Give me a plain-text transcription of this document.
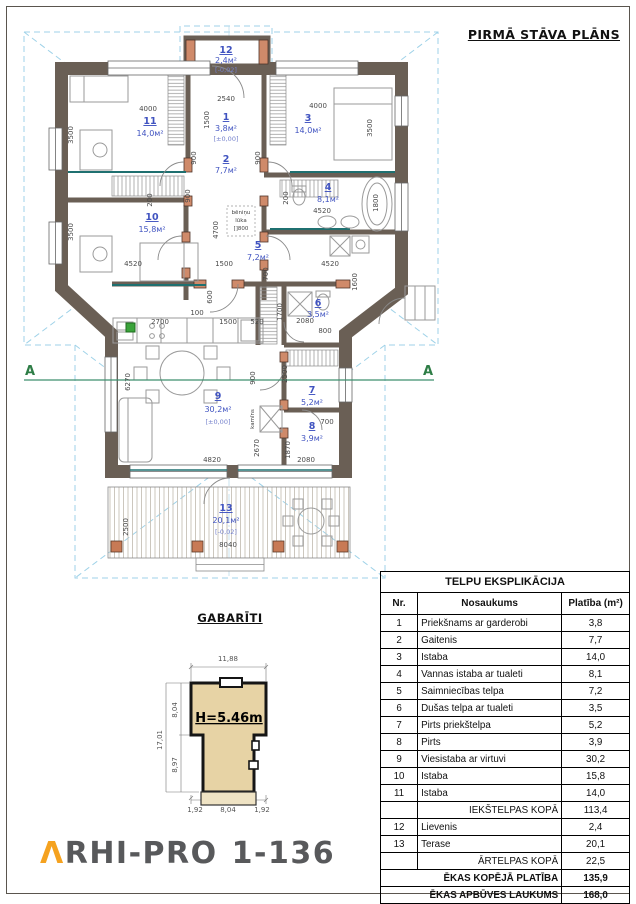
PIRMĀ STĀVA PLĀNS
A	A
bēniņu
lūka
[]800
kamīns
12
2,4м²
[-0,02]
1
3,8м²
[±0,00]
2
7,7м²
11
14,0м²
3
14,0м²
10
15,8м²
4
8,1м²
5
7,2м²
6
3,5м²
7
5,2м²
8
3,9м²
9
30,2м²
[±0,00]
13
20,1м²
[-0,02]
4000
2540
4000
1500
3500
3500
3500
900	900
200	200
900
4520	1800
4520	4520
4700
1500
1600
700
600
100
2700	1500 520
1700
2080
800
2500
900
6270
2670	1870
4820
700
2080
2500
8040
GABARĪTI
H=5.46m
11,88
17,01
8,04
8,97
1,92 8,04	1,92
TELPU EKSPLIKĀCIJA		
Nr.	Nosaukums	Platība (m²)
1	Priekšnams ar garderobi	3,8
2	Gaitenis	7,7
3	Istaba	14,0
4	Vannas istaba ar tualeti	8,1
5	Saimniecības telpa	7,2
6	Dušas telpa ar tualeti	3,5
7	Pirts priekštelpa	5,2
8	Pirts	3,9
9	Viesistaba ar virtuvi	30,2
10	Istaba	15,8
11	Istaba	14,0
	IEKŠTELPAS KOPĀ	113,4
12	Lievenis	2,4
13	Terase	20,1
	ĀRTELPAS KOPĀ	22,5
ĒKAS KOPĒJĀ PLATĪBA		135,9
ĒKAS APBŪVES LAUKUMS		168,0
ΛRHI-PRO 1-136
